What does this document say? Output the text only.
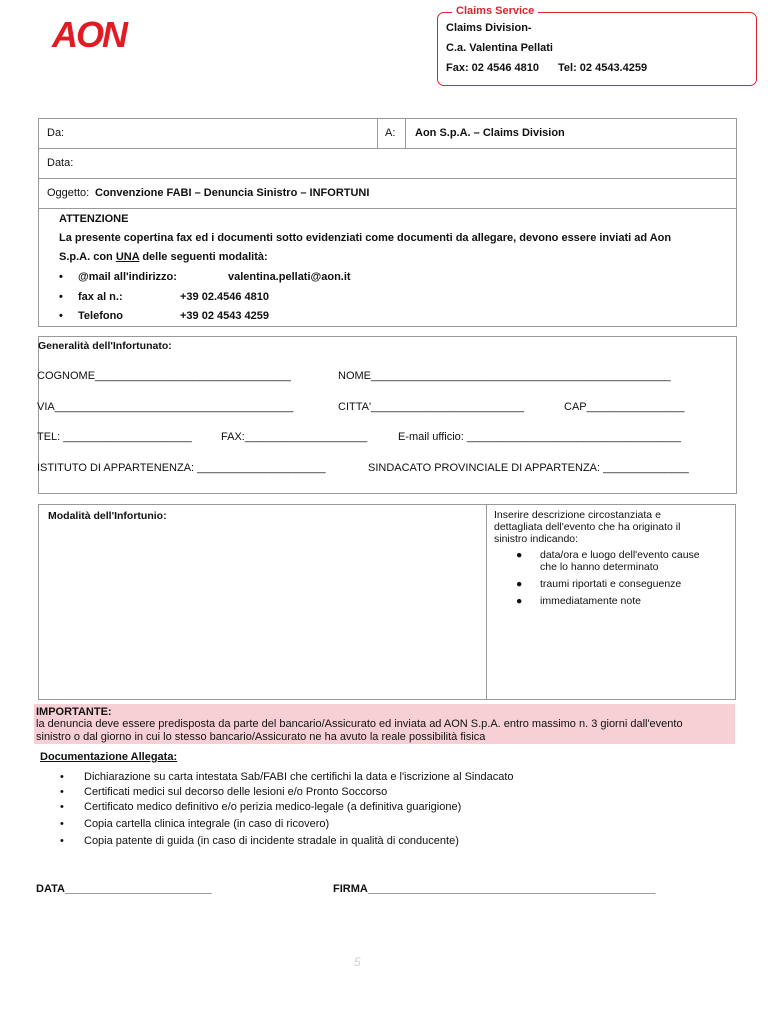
AON
Claims Service
Claims Division-
C.a. Valentina Pellati
Fax: 02 4546 4810 Tel: 02 4543.4259
Da:	A: Aon S.p.A. – Claims Division
Data:
Oggetto: Convenzione FABI – Denuncia Sinistro – INFORTUNI
ATTENZIONE
La presente copertina fax ed i documenti sotto evidenziati come documenti da allegare, devono essere inviati ad Aon
S.p.A. con UNA delle seguenti modalità:
• @mail all'indirizzo:	valentina.pellati@aon.it
• fax al n.:	+39 02.4546 4810
• Telefono	+39 02 4543 4259
Generalità dell'Infortunato:
COGNOME________________________________	NOME_________________________________________________
VIA_______________________________________	CITTA'_________________________	CAP________________
TEL: _____________________	FAX:____________________	E-mail ufficio: ___________________________________
ISTITUTO DI APPARTENENZA: _____________________	SINDACATO PROVINCIALE DI APPARTENZA: ______________
Modalità dell'Infortunio:	Inserire descrizione circostanziata e
dettagliata dell'evento che ha originato il
sinistro indicando:
● data/ora e luogo dell'evento cause
che lo hanno determinato
● traumi riportati e conseguenze
● immediatamente note
IMPORTANTE:
la denuncia deve essere predisposta da parte del bancario/Assicurato ed inviata ad AON S.p.A. entro massimo n. 3 giorni dall'evento
sinistro o dal giorno in cui lo stesso bancario/Assicurato ne ha avuto la reale possibilità fisica
Documentazione Allegata:
• Dichiarazione su carta intestata Sab/FABI che certifichi la data e l'iscrizione al Sindacato
• Certificati medici sul decorso delle lesioni e/o Pronto Soccorso
• Certificato medico definitivo e/o perizia medico-legale (a definitiva guarigione)
• Copia cartella clinica integrale (in caso di ricovero)
• Copia patente di guida (in caso di incidente stradale in qualità di conducente)
DATA________________________	FIRMA_______________________________________________
5
